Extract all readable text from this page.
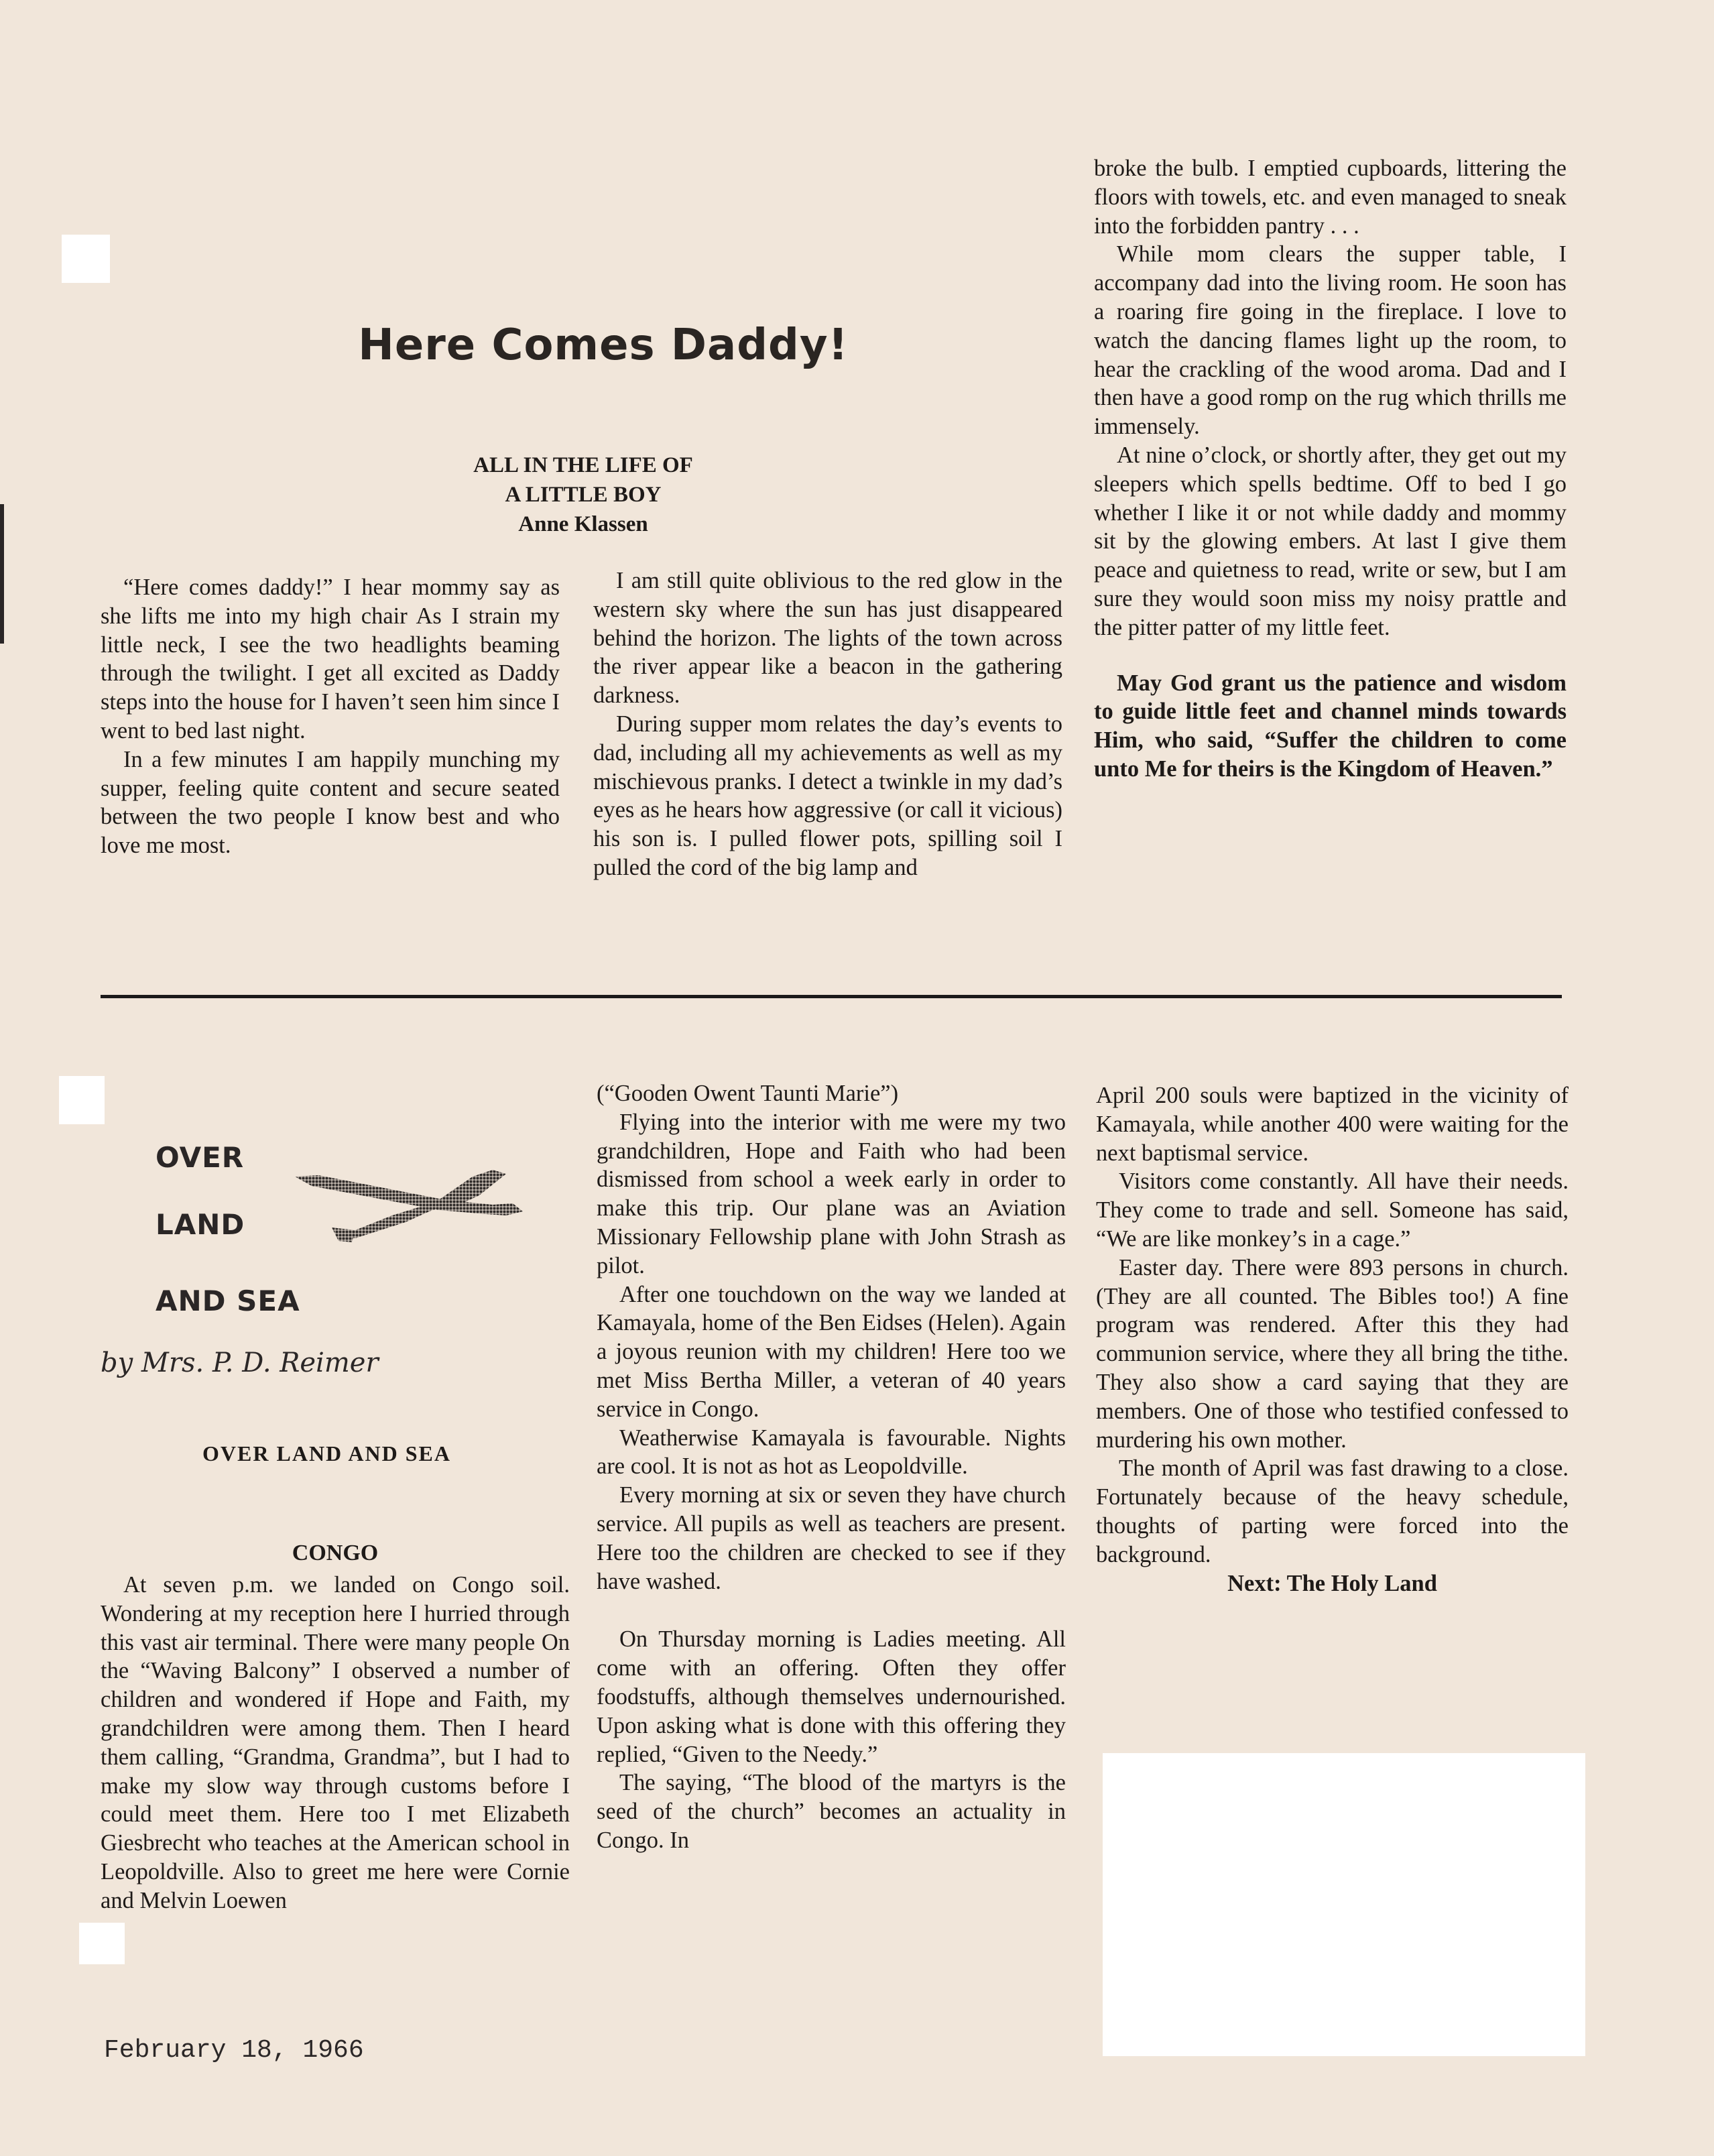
Here Comes Daddy!
ALL IN THE LIFE OF
A LITTLE BOY
Anne Klassen

“Here comes daddy!” I hear mommy say as she lifts me into my high chair As I strain my little neck, I see the two headlights beaming through the twilight. I get all excited as Daddy steps into the house for I haven’t seen him since I went to bed last night.

In a few minutes I am happily munching my supper, feeling quite content and secure seated between the two people I know best and who love me most.

I am still quite oblivious to the red glow in the western sky where the sun has just disappeared behind the horizon. The lights of the town across the river appear like a beacon in the gathering darkness.

During supper mom relates the day’s events to dad, including all my achievements as well as my mischievous pranks. I detect a twinkle in my dad’s eyes as he hears how aggressive (or call it vicious) his son is. I pulled flower pots, spilling soil I pulled the cord of the big lamp and

broke the bulb. I emptied cupboards, littering the floors with towels, etc. and even managed to sneak into the forbidden pantry . . .

While mom clears the supper table, I accompany dad into the living room. He soon has a roaring fire going in the fireplace. I love to watch the dancing flames light up the room, to hear the crackling of the wood aroma. Dad and I then have a good romp on the rug which thrills me immensely.

At nine o’clock, or shortly after, they get out my sleepers which spells bedtime. Off to bed I go whether I like it or not while daddy and mommy sit by the glowing embers. At last I give them peace and quietness to read, write or sew, but I am sure they would soon miss my noisy prattle and the pitter patter of my little feet.

May God grant us the patience and wisdom to guide little feet and channel minds towards Him, who said, “Suffer the children to come unto Me for theirs is the Kingdom of Heaven.”

OVER
LAND
AND SEA
by Mrs. P. D. Reimer
OVER LAND AND SEA
CONGO

At seven p.m. we landed on Congo soil. Wondering at my reception here I hurried through this vast air terminal. There were many people On the “Waving Balcony” I observed a number of children and wondered if Hope and Faith, my grandchildren were among them. Then I heard them calling, “Grandma, Grandma”, but I had to make my slow way through customs before I could meet them. Here too I met Elizabeth Giesbrecht who teaches at the American school in Leopoldville. Also to greet me here were Cornie and Melvin Loewen

(“Gooden Owent Taunti Marie”)

Flying into the interior with me were my two grandchildren, Hope and Faith who had been dismissed from school a week early in order to make this trip. Our plane was an Aviation Missionary Fellowship plane with John Strash as pilot.

After one touchdown on the way we landed at Kamayala, home of the Ben Eidses (Helen). Again a joyous reunion with my children! Here too we met Miss Bertha Miller, a veteran of 40 years service in Congo.

Weatherwise Kamayala is favourable. Nights are cool. It is not as hot as Leopoldville.

Every morning at six or seven they have church service. All pupils as well as teachers are present. Here too the children are checked to see if they have washed.

On Thursday morning is Ladies meeting. All come with an offering. Often they offer foodstuffs, although themselves undernourished. Upon asking what is done with this offering they replied, “Given to the Needy.”

The saying, “The blood of the martyrs is the seed of the church” becomes an actuality in Congo. In

April 200 souls were baptized in the vicinity of Kamayala, while another 400 were waiting for the next baptismal service.

Visitors come constantly. All have their needs. They come to trade and sell. Someone has said, “We are like monkey’s in a cage.”

Easter day. There were 893 persons in church. (They are all counted. The Bibles too!) A fine program was rendered. After this they had communion service, where they all bring the tithe. They also show a card saying that they are members. One of those who testified confessed to murdering his own mother.

The month of April was fast drawing to a close. Fortunately because of the heavy schedule, thoughts of parting were forced into the background.

Next: The Holy Land

February 18, 1966
